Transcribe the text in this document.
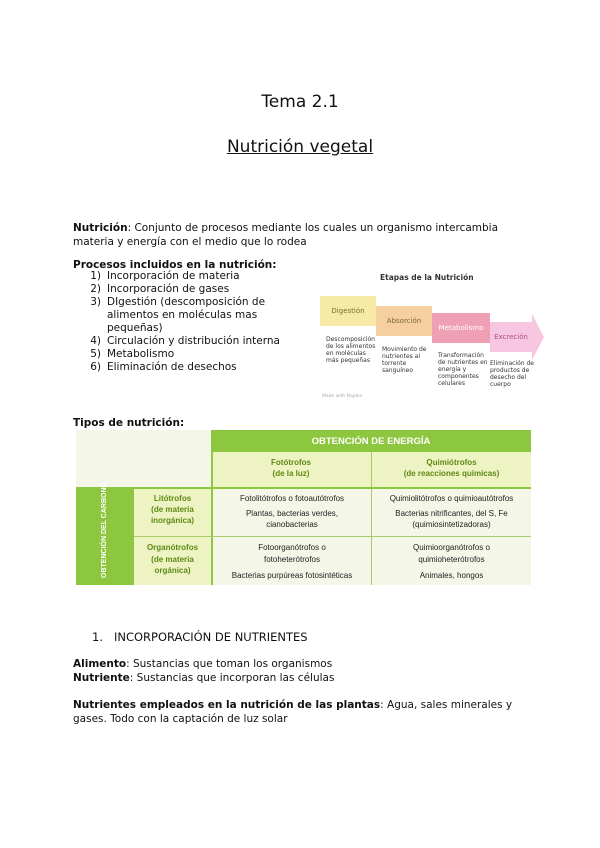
Tema 2.1
Nutrición vegetal
Nutrición: Conjunto de procesos mediante los cuales un organismo intercambia materia y energía con el medio que lo rodea
Procesos incluidos en la nutrición:
1) Incorporación de materia
2) Incorporación de gases
3) DIgestión (descomposición de alimentos en moléculas mas pequeñas)
4) Circulación y distribución interna
5) Metabolismo
6) Eliminación de desechos
Etapas de la Nutrición
Digestión
Absorción
Metabolismo
Excreción
Descomposición de los alimentos en moléculas más pequeñas
Movimiento de nutrientes al torrente sanguíneo
Transformación de nutrientes en energía y componentes celulares
Eliminación de productos de desecho del cuerpo
Made with Napkin
Tipos de nutrición:
OBTENCIÓN DE ENERGÍA
OBTENCIÓN DEL CARBONO
Fotótrofos
(de la luz)
Quimiótrofos
(de reacciones químicas)
Litótrofos
(de materia
inorgánica)
Organótrofos
(de materia
orgánica)
Fotolitótrofos o fotoautótrofos
Plantas, bacterias verdes,
cianobacterias
Quimiolitótrofos o quimioautótrofos
Bacterias nitrificantes, del S, Fe
(quimiosintetizadoras)
Fotoorganótrofos o
fotoheterótrofos
Bacterias purpúreas fotosintéticas
Quimioorganótrofos o
quimioheterótrofos
Animales, hongos
1. INCORPORACIÓN DE NUTRIENTES
Alimento: Sustancias que toman los organismos
Nutriente: Sustancias que incorporan las células
Nutrientes empleados en la nutrición de las plantas: Agua, sales minerales y gases. Todo con la captación de luz solar
